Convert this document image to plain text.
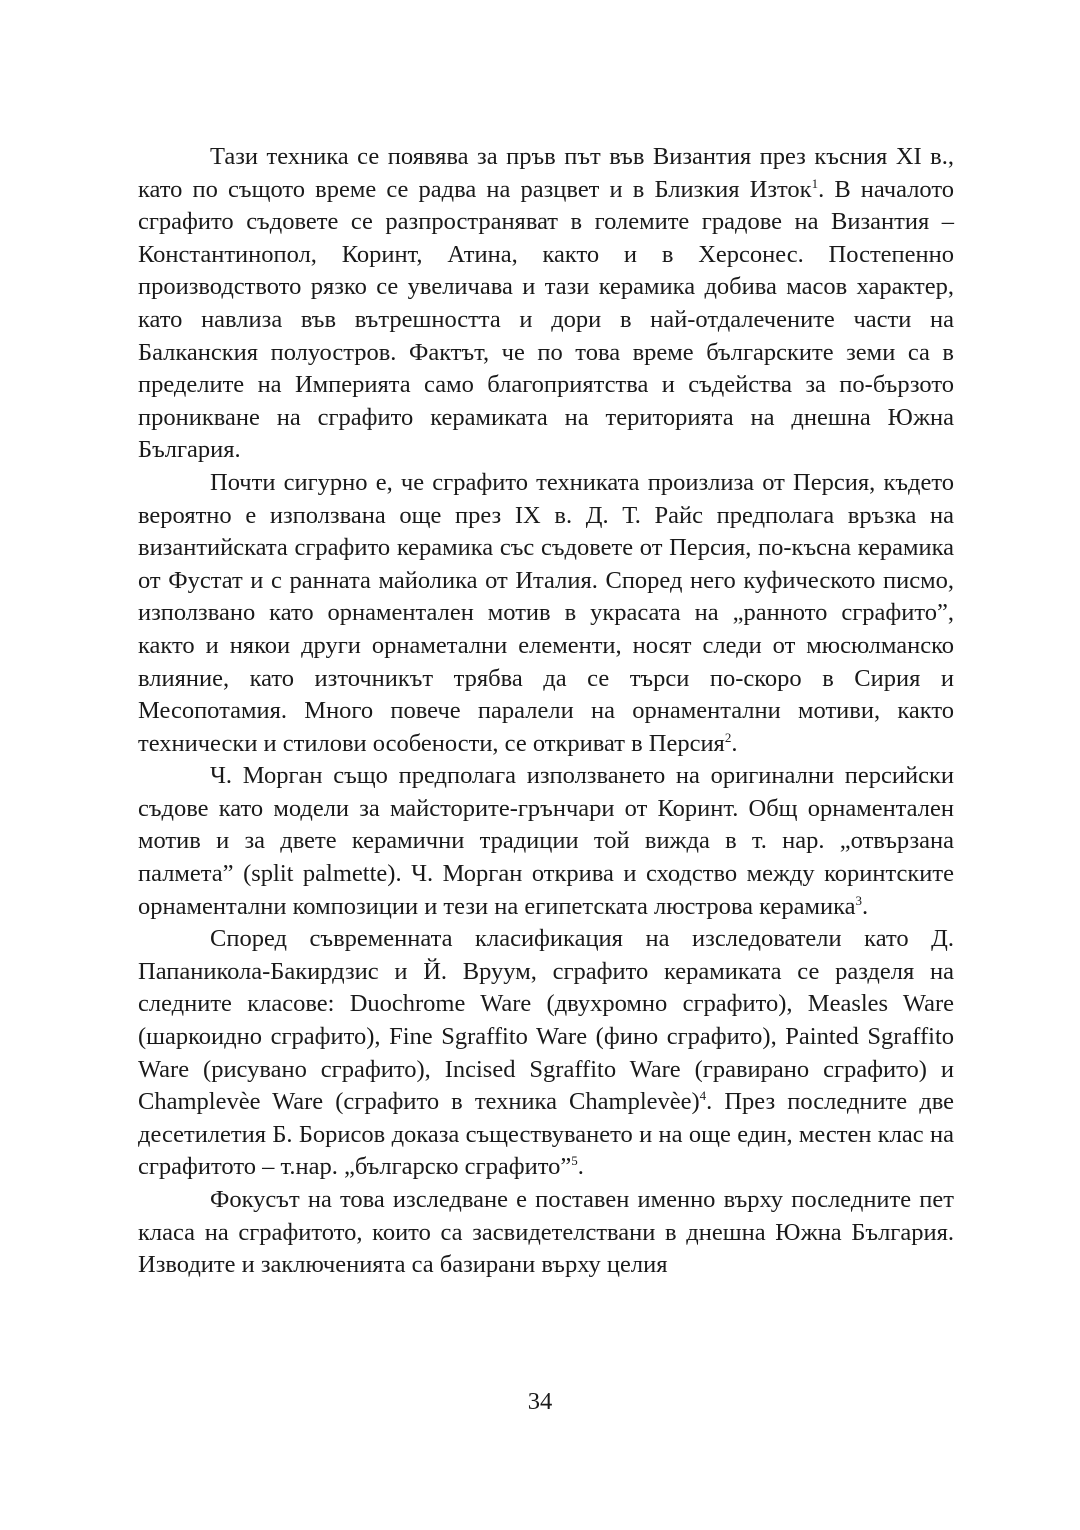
Тази техника се появява за пръв път във Византия през късния XI в., като по същото време се радва на разцвет и в Близкия Изток$^1$. В началото сграфито съдовете се разпространяват в големите градове на Византия – Константинопол, Коринт, Атина, както и в Херсонес. Постепенно производството рязко се увеличава и тази керамика добива масов характер, като навлиза във вътрешността и дори в най-отдалечените части на Балканския полуостров. Фактът, че по това време българските земи са в пределите на Империята само благоприятства и съдейства за по-бързото проникване на сграфито керамиката на територията на днешна Южна България.

Почти сигурно е, че сграфито техниката произлиза от Персия, където вероятно е използвана още през IX в. Д. Т. Райс предполага връзка на византийската сграфито керамика със съдовете от Персия, по-късна керамика от Фустат и с ранната майолика от Италия. Според него куфическото писмо, използвано като орнаментален мотив в украсата на „ранното сграфито”, както и някои други орнаметални елементи, носят следи от мюсюлманско влияние, като източникът трябва да се търси по-скоро в Сирия и Месопотамия. Много повече паралели на орнаментални мотиви, както технически и стилови особености, се откриват в Персия$^2$.

Ч. Морган също предполага използването на оригинални персийски съдове като модели за майсторите-грънчари от Коринт. Общ орнаментален мотив и за двете керамични традиции той вижда в т. нар. „отвързана палмета” (split palmette). Ч. Морган открива и сходство между коринтските орнаментални композиции и тези на египетската люстрова керамика$^3$.

Според съвременната класификация на изследователи като Д. Папаникола-Бакирдзис и Й. Вруум, сграфито керамиката се разделя на следните класове: Duochrome Ware (двухромно сграфито), Measles Ware (шаркоидно сграфито), Fine Sgraffito Ware (фино сграфито), Painted Sgraffito Ware (рисувано сграфито), Incised Sgraffito Ware (гравирано сграфито) и Champlevèe Ware (сграфито в техника Champlevèe)$^4$. През последните две десетилетия Б. Борисов доказа съществуването и на още един, местен клас на сграфитото – т.нар. „българско сграфито”$^5$.

Фокусът на това изследване е поставен именно върху последните пет класа на сграфитото, които са засвидетелствани в днешна Южна България. Изводите и заключенията са базирани върху целия

34
